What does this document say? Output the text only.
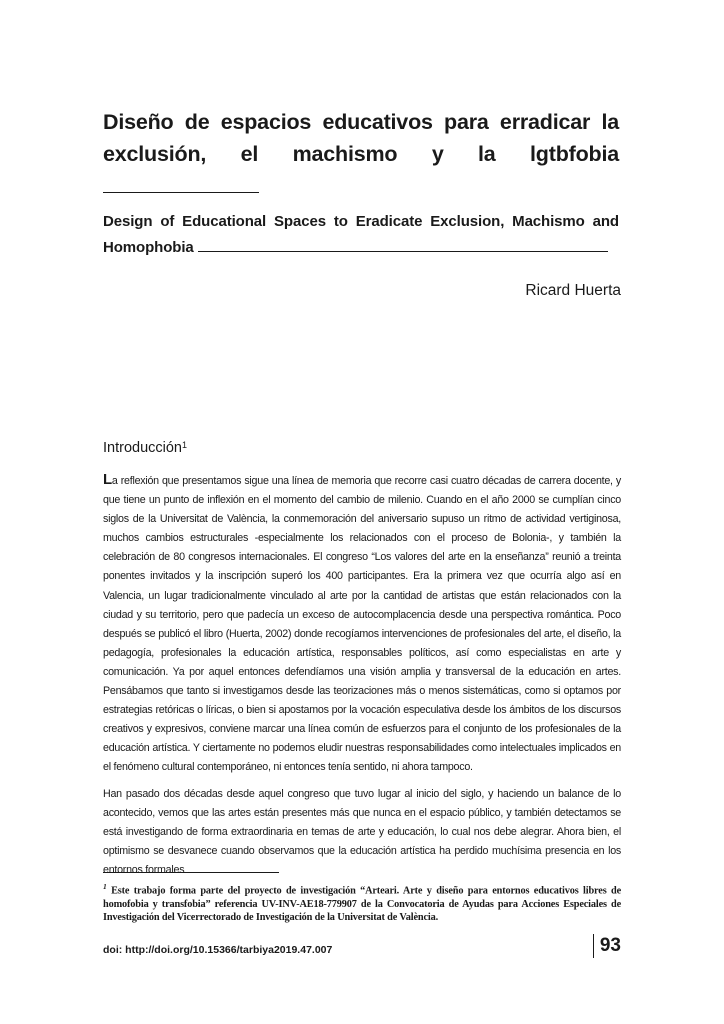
Diseño de espacios educativos para erradicar la exclusión, el machismo y la lgtbfobia
Design of Educational Spaces to Eradicate Exclusion, Machismo and Homophobia
Ricard Huerta
Introducción$^1$

La reflexión que presentamos sigue una línea de memoria que recorre casi cuatro décadas de carrera docente, y que tiene un punto de inflexión en el momento del cambio de milenio. Cuando en el año 2000 se cumplían cinco siglos de la Universitat de València, la conmemoración del aniversario supuso un ritmo de actividad vertiginosa, muchos cambios estructurales -especialmente los relacionados con el proceso de Bolonia-, y también la celebración de 80 congresos internacionales. El congreso “Los valores del arte en la enseñanza” reunió a treinta ponentes invitados y la inscripción superó los 400 participantes. Era la primera vez que ocurría algo así en Valencia, un lugar tradicionalmente vinculado al arte por la cantidad de artistas que están relacionados con la ciudad y su territorio, pero que padecía un exceso de autocomplacencia desde una perspectiva romántica. Poco después se publicó el libro (Huerta, 2002) donde recogíamos intervenciones de profesionales del arte, el diseño, la pedagogía, profesionales la educación artística, responsables políticos, así como especialistas en arte y comunicación. Ya por aquel entonces defendíamos una visión amplia y transversal de la educación en artes. Pensábamos que tanto si investigamos desde las teorizaciones más o menos sistemáticas, como si optamos por estrategias retóricas o líricas, o bien si apostamos por la vocación especulativa desde los ámbitos de los discursos creativos y expresivos, conviene marcar una línea común de esfuerzos para el conjunto de los profesionales de la educación artística. Y ciertamente no podemos eludir nuestras responsabilidades como intelectuales implicados en el fenómeno cultural contemporáneo, ni entonces tenía sentido, ni ahora tampoco.

Han pasado dos décadas desde aquel congreso que tuvo lugar al inicio del siglo, y haciendo un balance de lo acontecido, vemos que las artes están presentes más que nunca en el espacio público, y también detectamos se está investigando de forma extraordinaria en temas de arte y educación, lo cual nos debe alegrar. Ahora bien, el optimismo se desvanece cuando observamos que la educación artística ha perdido muchísima presencia en los entornos formales

$^1$ Este trabajo forma parte del proyecto de investigación “Arteari. Arte y diseño para entornos educativos libres de homofobia y transfobia” referencia UV-INV-AE18-779907 de la Convocatoria de Ayudas para Acciones Especiales de Investigación del Vicerrectorado de Investigación de la Universitat de València.
doi: http://doi.org/10.15366/tarbiya2019.47.007	93
